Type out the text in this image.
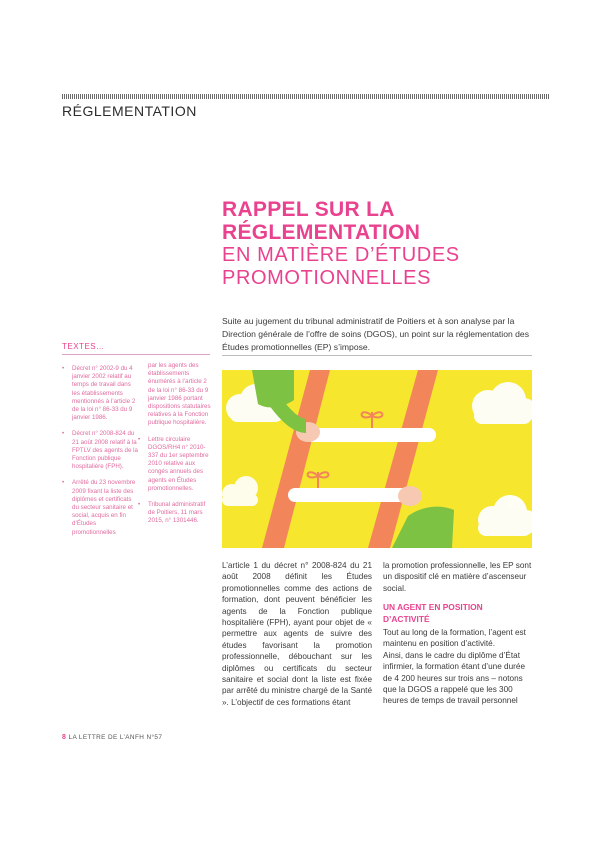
RÉGLEMENTATION
RAPPEL SUR LA
RÉGLEMENTATION
EN MATIÈRE D’ÉTUDES
PROMOTIONNELLES
Suite au jugement du tribunal administratif de Poitiers et à son analyse par la Direction générale de l’offre de soins (DGOS), un point sur la réglementation des Études promotionnelles (EP) s’impose.
TEXTES…
• Décret n° 2002-9 du 4 janvier 2002 relatif au temps de travail dans les établissements mentionnés à l’article 2 de la loi n° 86-33 du 9 janvier 1986.
• Décret n° 2008-824 du 21 août 2008 relatif à la FPTLV des agents de la Fonction publique hospitalière (FPH).
• Arrêté du 23 novembre 2009 fixant la liste des diplômes et certificats du secteur sanitaire et social, acquis en fin d’Études promotionnelles
par les agents des établissements énumérés à l’article 2 de la loi n° 86-33 du 9 janvier 1986 portant dispositions statutaires relatives à la Fonction publique hospitalière.
• Lettre circulaire DGOS/RH4 n° 2010-337 du 1er septembre 2010 relative aux congés annuels des agents en Études promotionnelles.
• Tribunal administratif de Poitiers, 11 mars 2015, n° 1301446.
L’article 1 du décret n° 2008-824 du 21 août 2008 définit les Études promotionnelles comme des actions de formation, dont peuvent bénéficier les agents de la Fonction publique hospitalière (FPH), ayant pour objet de « permettre aux agents de suivre des études favorisant la promotion professionnelle, débouchant sur les diplômes ou certificats du secteur sanitaire et social dont la liste est fixée par arrêté du ministre chargé de la Santé ». L’objectif de ces formations étant

la promotion professionnelle, les EP sont un dispositif clé en matière d’ascenseur social.

UN AGENT EN POSITION
D’ACTIVITÉ

Tout au long de la formation, l’agent est maintenu en position d’activité.

Ainsi, dans le cadre du diplôme d’État infirmier, la formation étant d’une durée de 4 200 heures sur trois ans – notons que la DGOS a rappelé que les 300 heures de temps de travail personnel

8 LA LETTRE DE L’ANFH N°57
